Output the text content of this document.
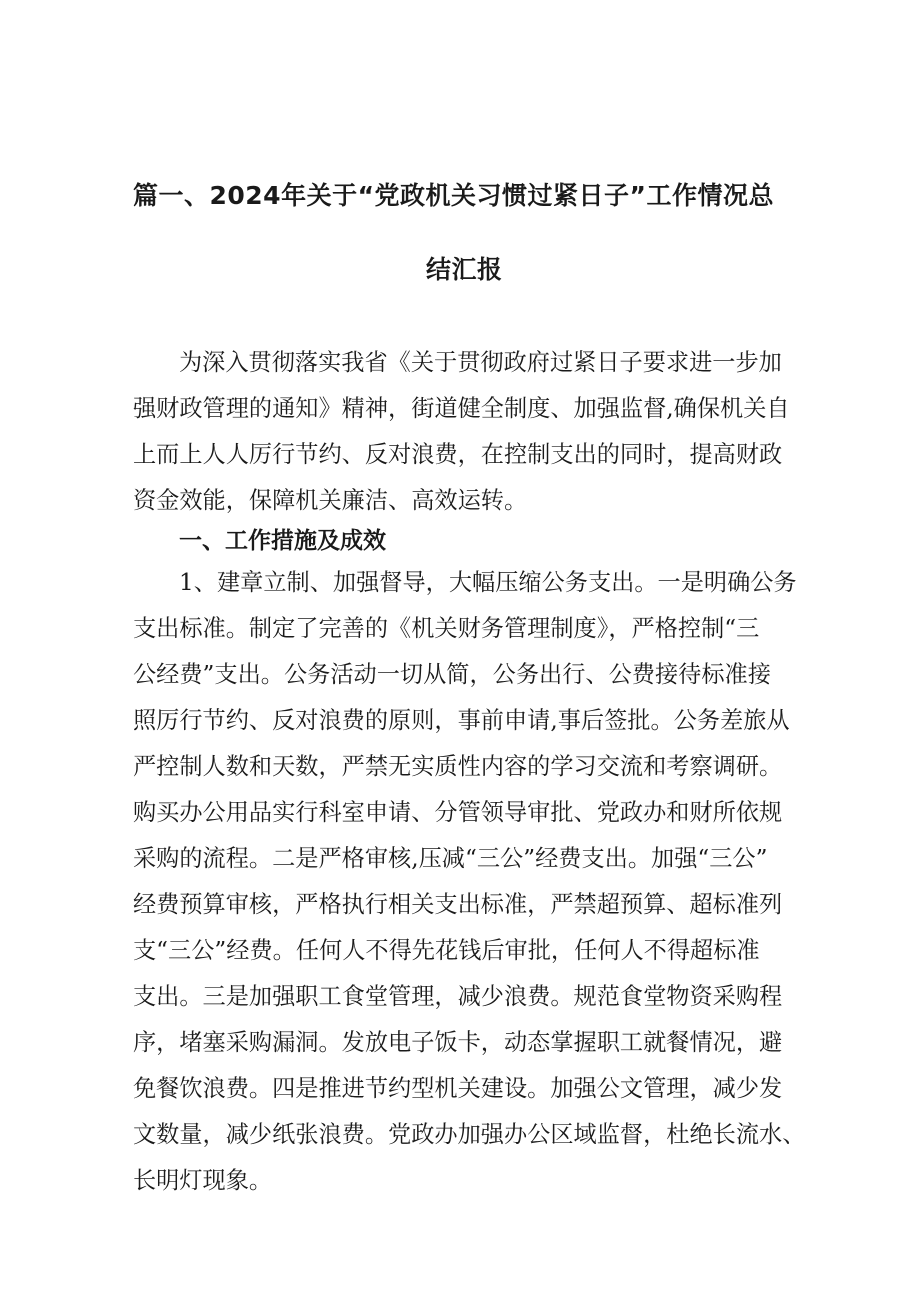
篇一、2024年关于“党政机关习惯过紧日子”工作情况总
结汇报
为深入贯彻落实我省《关于贯彻政府过紧日子要求进一步加
强财政管理的通知》精神，街道健全制度、加强监督,确保机关自
上而上人人厉行节约、反对浪费，在控制支出的同时，提高财政
资金效能，保障机关廉洁、高效运转。
一、工作措施及成效
1、建章立制、加强督导，大幅压缩公务支出。一是明确公务
支出标准。制定了完善的《机关财务管理制度》，严格控制“三
公经费”支出。公务活动一切从简，公务出行、公费接待标准接
照厉行节约、反对浪费的原则，事前申请,事后签批。公务差旅从
严控制人数和天数，严禁无实质性内容的学习交流和考察调研。
购买办公用品实行科室申请、分管领导审批、党政办和财所依规
采购的流程。二是严格审核,压减“三公”经费支出。加强“三公”
经费预算审核，严格执行相关支出标准，严禁超预算、超标准列
支“三公”经费。任何人不得先花钱后审批，任何人不得超标准
支出。三是加强职工食堂管理，减少浪费。规范食堂物资采购程
序，堵塞采购漏洞。发放电子饭卡，动态掌握职工就餐情况，避
免餐饮浪费。四是推进节约型机关建设。加强公文管理，减少发
文数量，减少纸张浪费。党政办加强办公区域监督，杜绝长流水、
长明灯现象。
